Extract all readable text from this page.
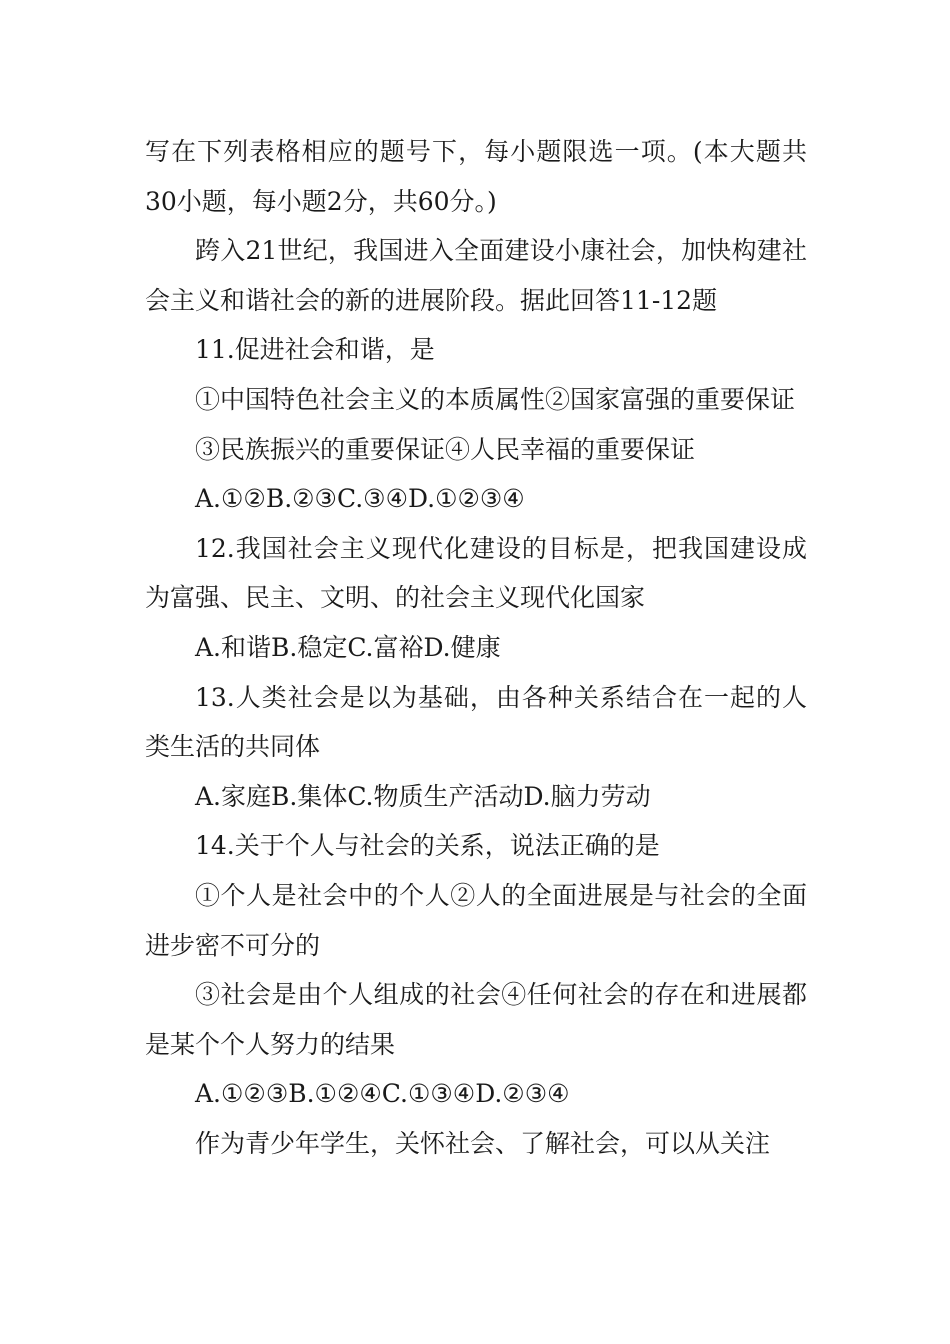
写在下列表格相应的题号下，每小题限选一项。(本大题共30小题，每小题2分，共60分。)

跨入21世纪，我国进入全面建设小康社会，加快构建社会主义和谐社会的新的进展阶段。据此回答11-12题

11.促进社会和谐，是

①中国特色社会主义的本质属性②国家富强的重要保证

③民族振兴的重要保证④人民幸福的重要保证

A.①②B.②③C.③④D.①②③④

12.我国社会主义现代化建设的目标是，把我国建设成为富强、民主、文明、的社会主义现代化国家

A.和谐B.稳定C.富裕D.健康

13.人类社会是以为基础，由各种关系结合在一起的人类生活的共同体

A.家庭B.集体C.物质生产活动D.脑力劳动

14.关于个人与社会的关系，说法正确的是

①个人是社会中的个人②人的全面进展是与社会的全面进步密不可分的

③社会是由个人组成的社会④任何社会的存在和进展都是某个个人努力的结果

A.①②③B.①②④C.①③④D.②③④

作为青少年学生，关怀社会、了解社会，可以从关注
